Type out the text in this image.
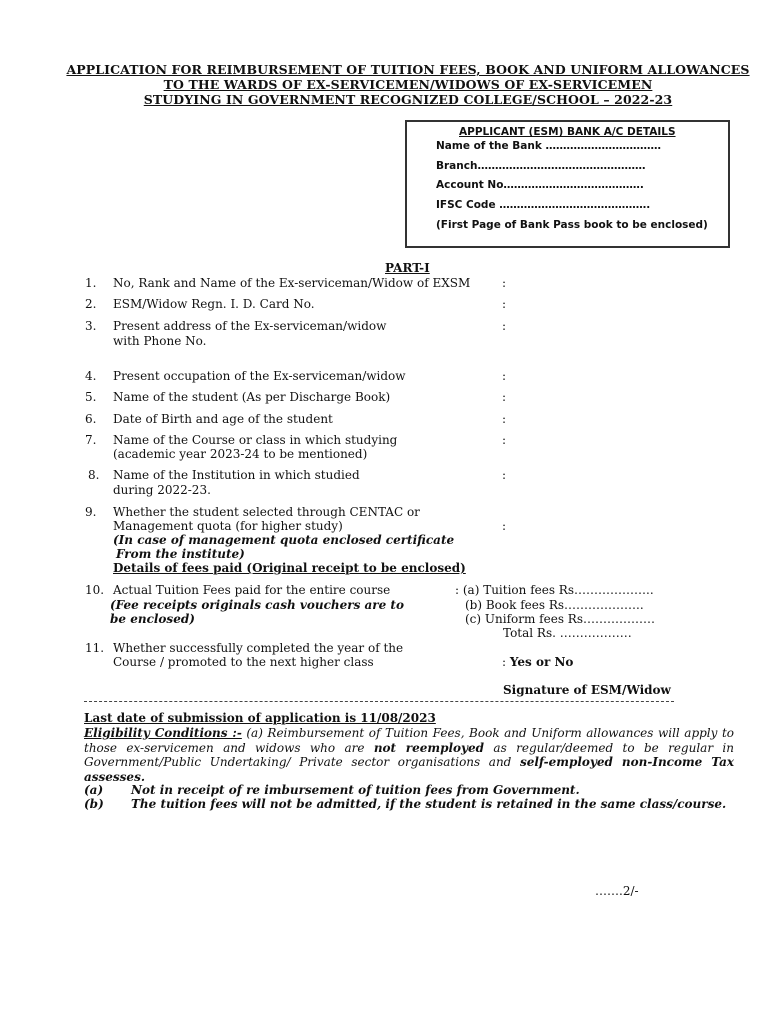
APPLICATION FOR REIMBURSEMENT OF TUITION FEES, BOOK AND UNIFORM ALLOWANCES
TO THE WARDS OF EX-SERVICEMEN/WIDOWS OF EX-SERVICEMEN
STUDYING IN GOVERNMENT RECOGNIZED COLLEGE/SCHOOL – 2022-23
APPLICANT (ESM) BANK A/C DETAILS
Name of the Bank ……………………………
Branch…………………………………………
Account No………………………………….
IFSC Code …………………………………….
(First Page of Bank Pass book to be enclosed)
PART-I
1. No, Rank and Name of the Ex-serviceman/Widow of EXSM	:
2. ESM/Widow Regn. I. D. Card No.	:
3. Present address of the Ex-serviceman/widow
with Phone No.
:
4. Present occupation of the Ex-serviceman/widow	:
5. Name of the student (As per Discharge Book)	:
6. Date of Birth and age of the student	:
7. Name of the Course or class in which studying
(academic year 2023-24 to be mentioned)
:
8. Name of the Institution in which studied
during 2022-23.
:
9. Whether the student selected through CENTAC or
Management quota (for higher study)
(In case of management quota enclosed certificate
From the institute)
Details of fees paid (Original receipt to be enclosed)
:
10. Actual Tuition Fees paid for the entire course
(Fee receipts originals cash vouchers are to
be enclosed)
: (a) Tuition fees Rs………………..
(b) Book fees Rs………………..
(c) Uniform fees Rs………………
Total Rs. ………………
11. Whether successfully completed the year of the
Course / promoted to the next higher class	: Yes or No
Signature of ESM/Widow
Last date of submission of application is 11/08/2023
Eligibility Conditions :- (a) Reimbursement of Tuition Fees, Book and Uniform allowances will apply to those ex-servicemen and widows who are not reemployed as regular/deemed to be regular in Government/Public Undertaking/ Private sector organisations and self-employed non-Income Tax assesses.
(a) Not in receipt of re imbursement of tuition fees from Government.
(b)	The tuition fees will not be admitted, if the student is retained in the same class/course.
…….2/-
